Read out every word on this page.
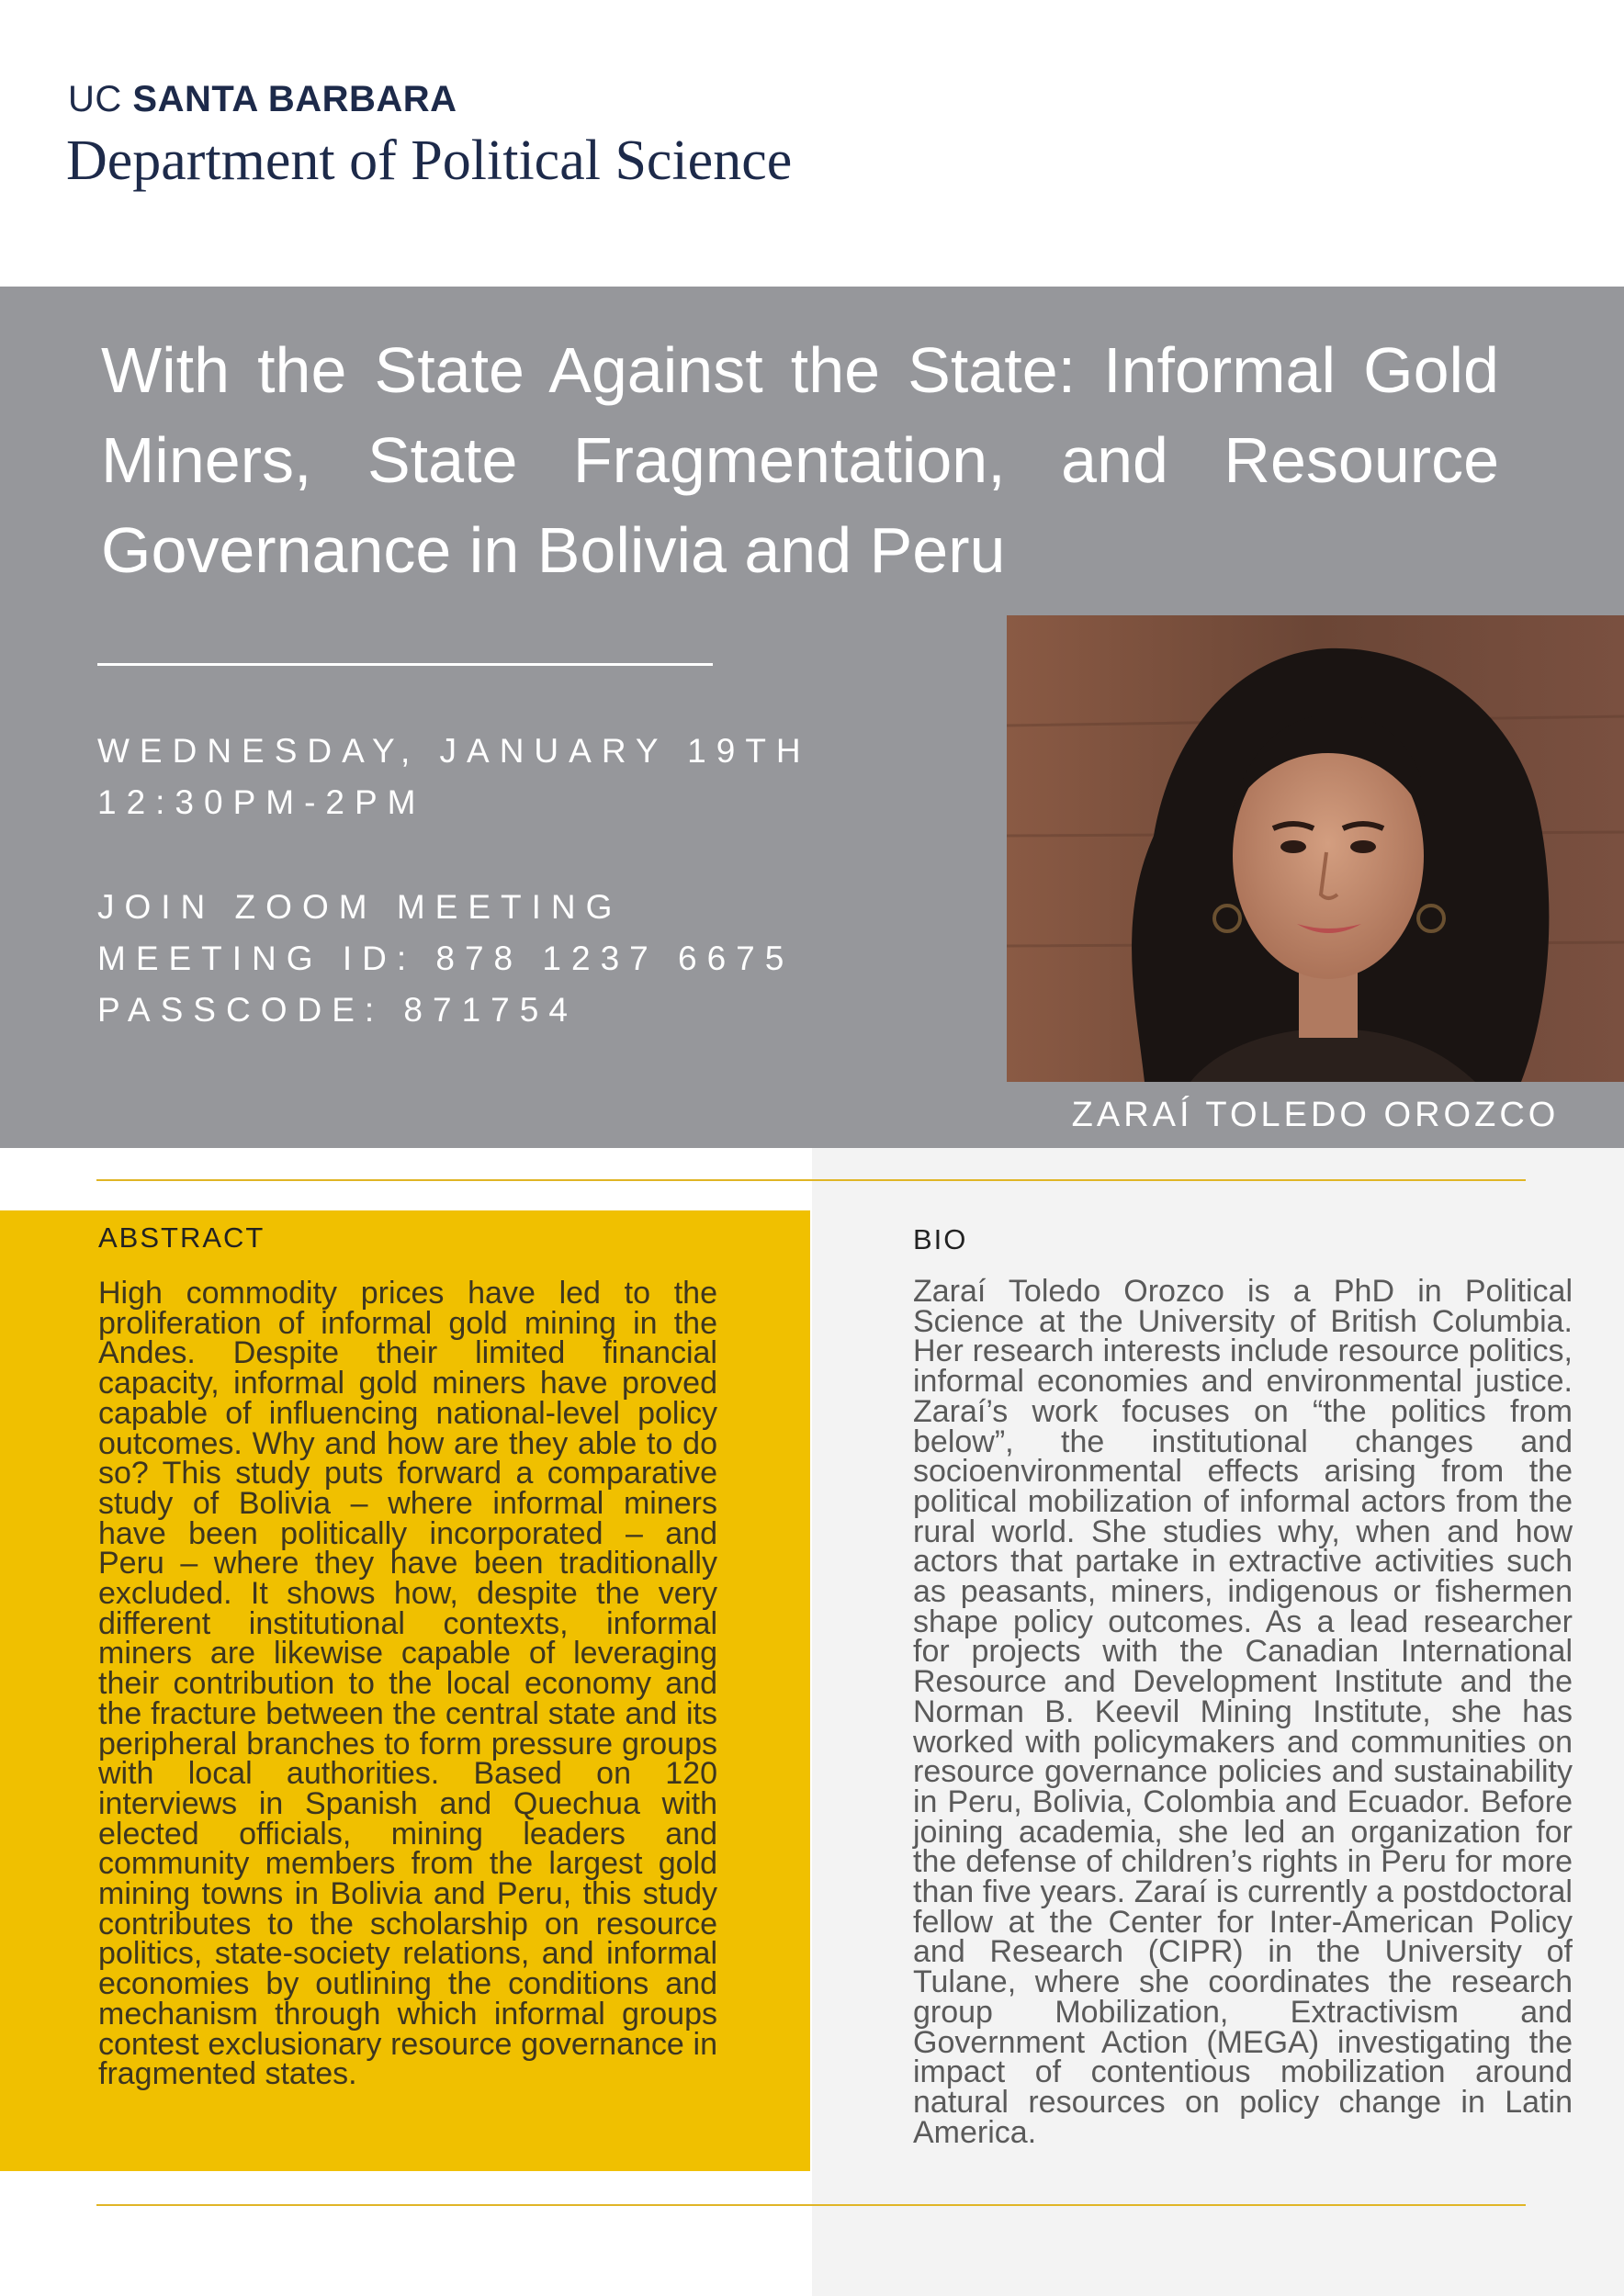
UC SANTA BARBARA
Department of Political Science
With the State Against the State: Informal Gold Miners, State Fragmentation, and Resource Governance in Bolivia and Peru
WEDNESDAY, JANUARY 19TH
12:30PM-2PM
JOIN ZOOM MEETING
MEETING ID: 878 1237 6675
PASSCODE: 871754
ZARAÍ TOLEDO OROZCO
ABSTRACT

High commodity prices have led to the proliferation of informal gold mining in the Andes. Despite their limited financial capacity, informal gold miners have proved capable of influencing national-level policy outcomes. Why and how are they able to do so? This study puts forward a comparative study of Bolivia – where informal miners have been politically incorporated – and Peru – where they have been traditionally excluded. It shows how, despite the very different institutional contexts, informal miners are likewise capable of leveraging their contribution to the local economy and the fracture between the central state and its peripheral branches to form pressure groups with local authorities. Based on 120 interviews in Spanish and Quechua with elected officials, mining leaders and community members from the largest gold mining towns in Bolivia and Peru, this study contributes to the scholarship on resource politics, state-society relations, and informal economies by outlining the conditions and mechanism through which informal groups contest exclusionary resource governance in fragmented states.

BIO

Zaraí Toledo Orozco is a PhD in Political Science at the University of British Columbia. Her research interests include resource politics, informal economies and environmental justice. Zaraí’s work focuses on “the politics from below”, the institutional changes and socioenvironmental effects arising from the political mobilization of informal actors from the rural world. She studies why, when and how actors that partake in extractive activities such as peasants, miners, indigenous or fishermen shape policy outcomes. As a lead researcher for projects with the Canadian International Resource and Development Institute and the Norman B. Keevil Mining Institute, she has worked with policymakers and communities on resource governance policies and sustainability in Peru, Bolivia, Colombia and Ecuador. Before joining academia, she led an organization for the defense of children’s rights in Peru for more than five years. Zaraí is currently a postdoctoral fellow at the Center for Inter-American Policy and Research (CIPR) in the University of Tulane, where she coordinates the research group Mobilization, Extractivism and Government Action (MEGA) investigating the impact of contentious mobilization around natural resources on policy change in Latin America.
